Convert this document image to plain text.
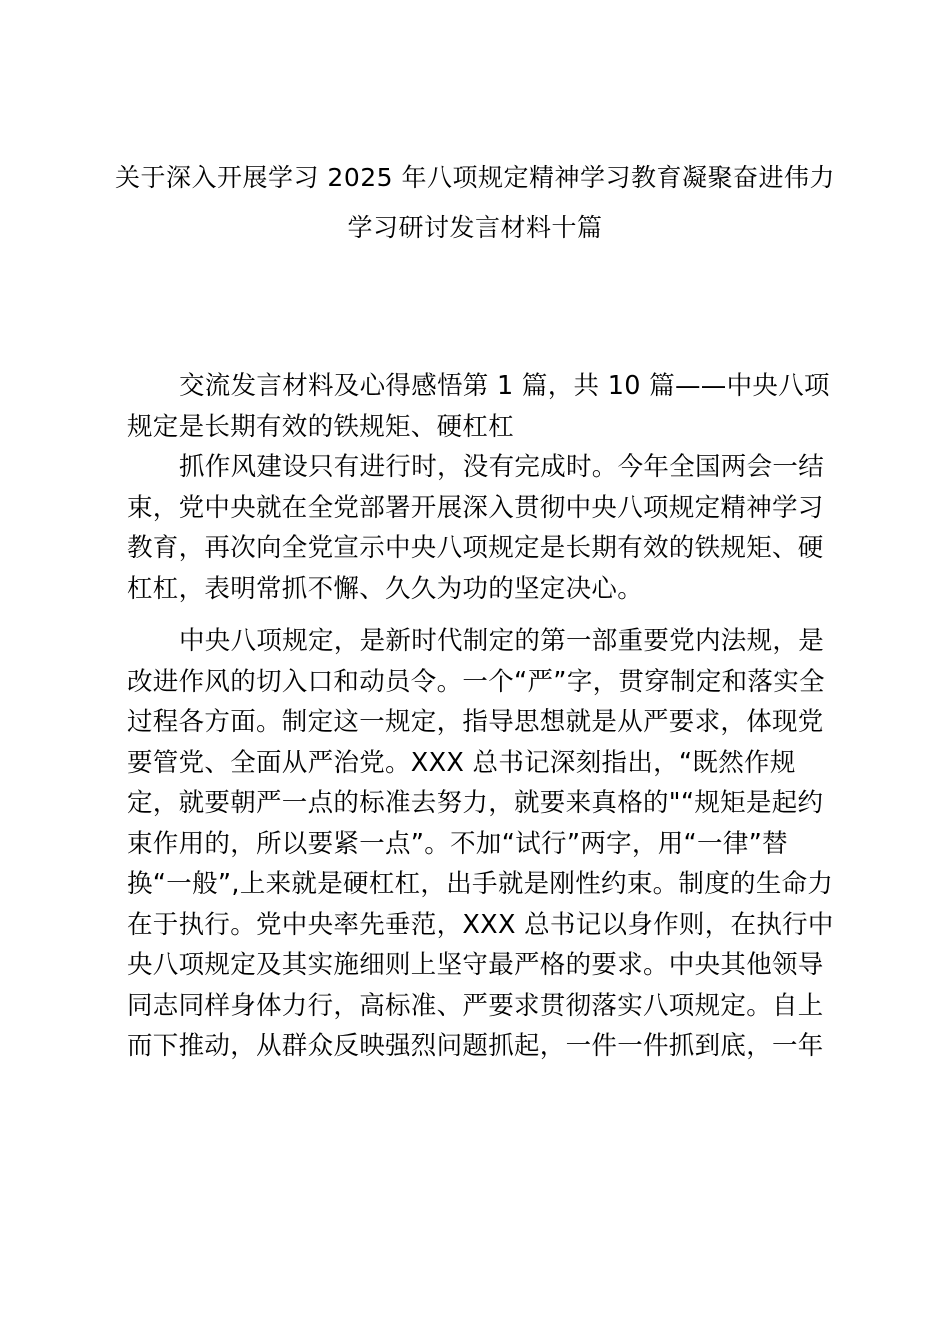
关于深入开展学习 2025 年八项规定精神学习教育凝聚奋进伟力
学习研讨发言材料十篇
交流发言材料及心得感悟第 1 篇，共 10 篇——中央八项
规定是长期有效的铁规矩、硬杠杠
抓作风建设只有进行时，没有完成时。今年全国两会一结
束，党中央就在全党部署开展深入贯彻中央八项规定精神学习
教育，再次向全党宣示中央八项规定是长期有效的铁规矩、硬
杠杠，表明常抓不懈、久久为功的坚定决心。
中央八项规定，是新时代制定的第一部重要党内法规，是
改进作风的切入口和动员令。一个“严”字，贯穿制定和落实全
过程各方面。制定这一规定，指导思想就是从严要求，体现党
要管党、全面从严治党。XXX 总书记深刻指出，“既然作规
定，就要朝严一点的标准去努力，就要来真格的"“规矩是起约
束作用的，所以要紧一点”。不加“试行”两字，用“一律”替
换“一般”,上来就是硬杠杠，出手就是刚性约束。制度的生命力
在于执行。党中央率先垂范，XXX 总书记以身作则，在执行中
央八项规定及其实施细则上坚守最严格的要求。中央其他领导
同志同样身体力行，高标准、严要求贯彻落实八项规定。自上
而下推动，从群众反映强烈问题抓起，一件一件抓到底，一年
